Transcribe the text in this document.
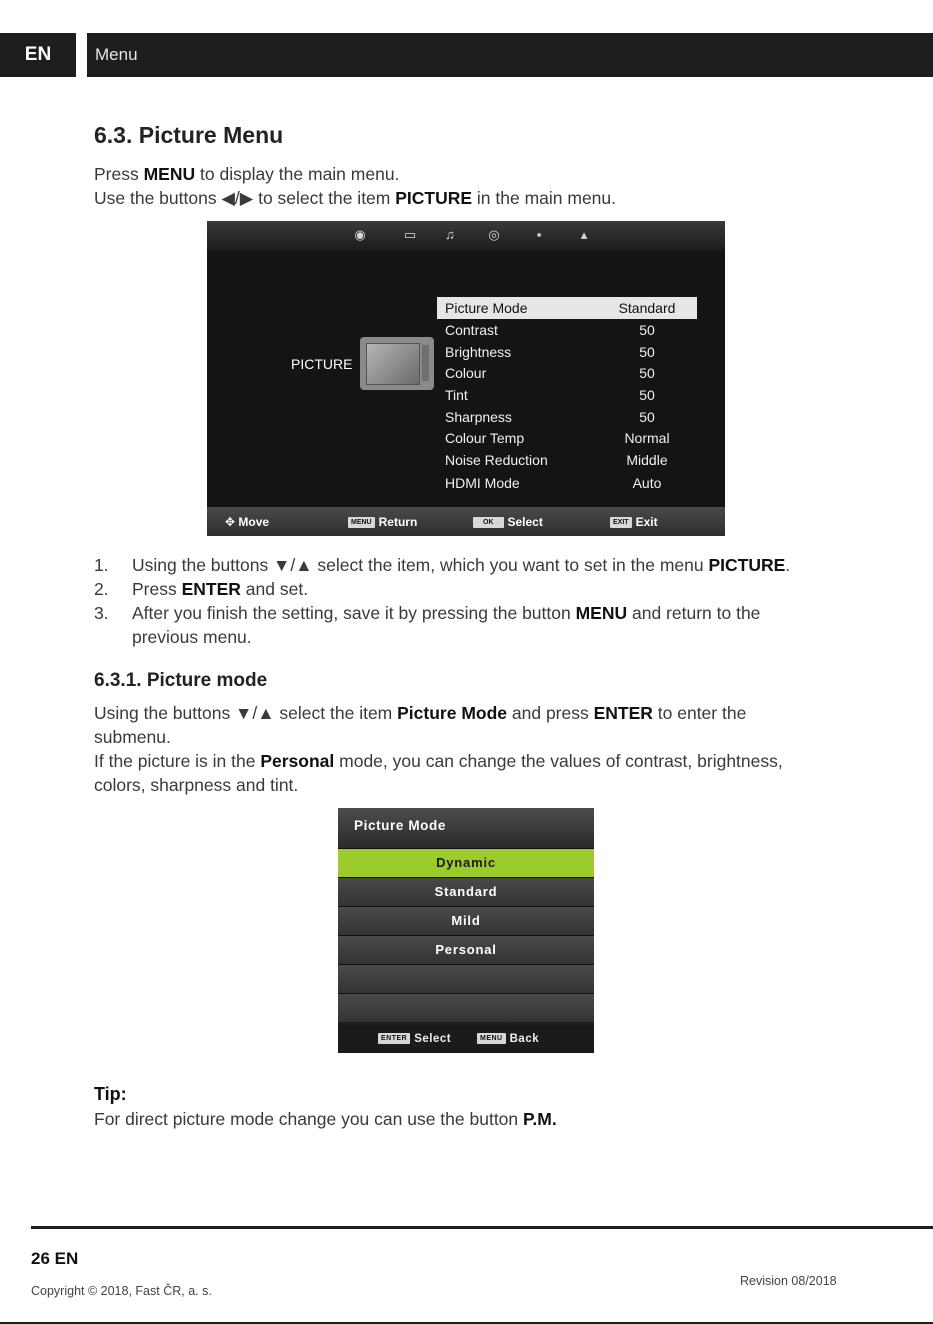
EN	Menu
6.3. Picture Menu
Press MENU to display the main menu.
Use the buttons ◀/▶ to select the item PICTURE in the main menu.
◉	▭	♫	◎	▪	▴
PICTURE
Picture Mode	Standard
Contrast	50
Brightness	50
Colour	50
Tint	50
Sharpness	50
Colour Temp	Normal
Noise Reduction	Middle
HDMI Mode	Auto
✥ Move	MENU Return	OK Select	EXIT Exit
1. Using the buttons ▼/▲ select the item, which you want to set in the menu PICTURE.
2. Press ENTER and set.
3. After you finish the setting, save it by pressing the button MENU and return to the
previous menu.
6.3.1. Picture mode
Using the buttons ▼/▲ select the item Picture Mode and press ENTER to enter the
submenu.
If the picture is in the Personal mode, you can change the values of contrast, brightness,
colors, sharpness and tint.
Picture Mode
Dynamic
Standard
Mild
Personal
ENTER Select	MENU Back
Tip:
For direct picture mode change you can use the button P.M.
26 EN
Copyright © 2018, Fast ČR, a. s.
Revision 08/2018
